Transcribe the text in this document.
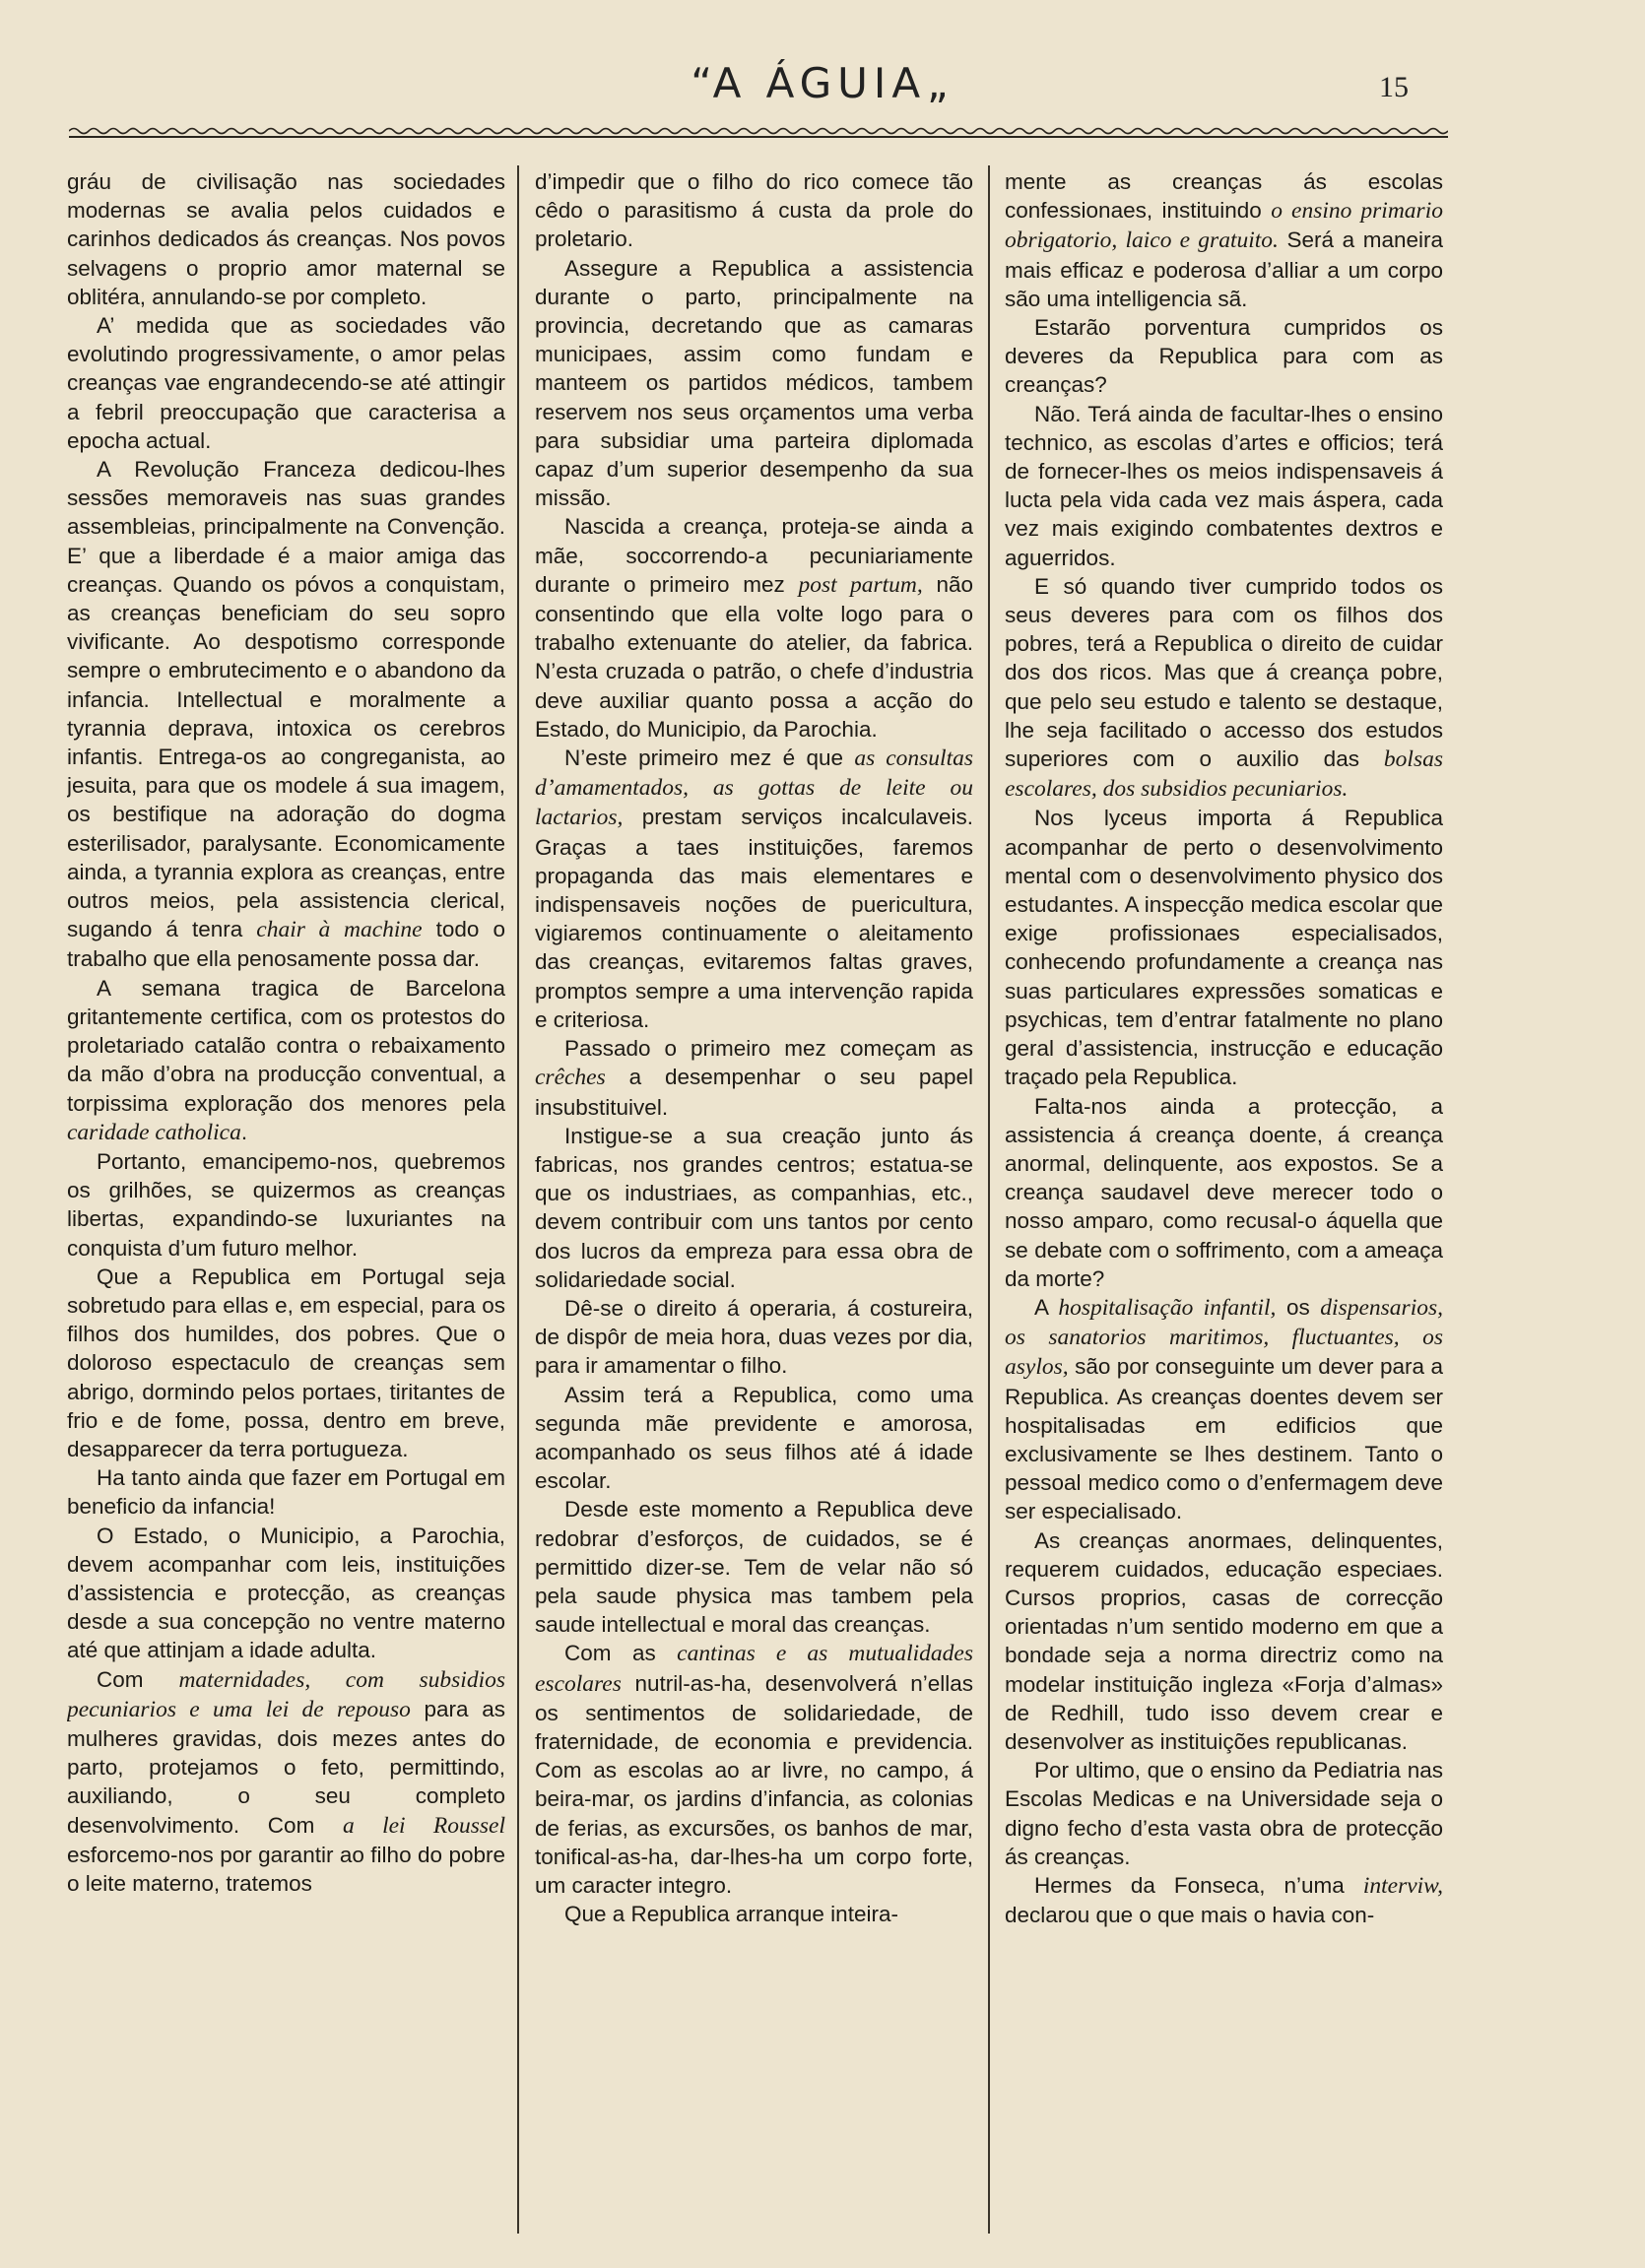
“A ÁGUIA„	15

gráu de civilisação nas sociedades modernas se avalia pelos cuidados e carinhos dedicados ás creanças. Nos povos selvagens o proprio amor maternal se oblitéra, annulando-se por completo.

A’ medida que as sociedades vão evolutindo progressivamente, o amor pelas creanças vae engrandecendo-se até attingir a febril preoccupação que caracterisa a epocha actual.

A Revolução Franceza dedicou-lhes sessões memoraveis nas suas grandes assembleias, principalmente na Convenção. E’ que a liberdade é a maior amiga das creanças. Quando os póvos a conquistam, as creanças beneficiam do seu sopro vivificante. Ao despotismo corresponde sempre o embrutecimento e o abandono da infancia. Intellectual e moralmente a tyrannia deprava, intoxica os cerebros infantis. Entrega-os ao congreganista, ao jesuita, para que os modele á sua imagem, os bestifique na adoração do dogma esterilisador, paralysante. Economicamente ainda, a tyrannia explora as creanças, entre outros meios, pela assistencia clerical, sugando á tenra chair à machine todo o trabalho que ella penosamente possa dar.

A semana tragica de Barcelona gritantemente certifica, com os protestos do proletariado catalão contra o rebaixamento da mão d’obra na producção conventual, a torpissima exploração dos menores pela caridade catholica.

Portanto, emancipemo-nos, quebremos os grilhões, se quizermos as creanças libertas, expandindo-se luxuriantes na conquista d’um futuro melhor.

Que a Republica em Portugal seja sobretudo para ellas e, em especial, para os filhos dos humildes, dos pobres. Que o doloroso espectaculo de creanças sem abrigo, dormindo pelos portaes, tiritantes de frio e de fome, possa, dentro em breve, desapparecer da terra portugueza.

Ha tanto ainda que fazer em Portugal em beneficio da infancia!

O Estado, o Municipio, a Parochia, devem acompanhar com leis, instituições d’assistencia e protecção, as creanças desde a sua concepção no ventre materno até que attinjam a idade adulta.

Com maternidades, com subsidios pecuniarios e uma lei de repouso para as mulheres gravidas, dois mezes antes do parto, protejamos o feto, permittindo, auxiliando, o seu completo desenvolvimento. Com a lei Roussel esforcemo-nos por garantir ao filho do pobre o leite materno, tratemos

d’impedir que o filho do rico comece tão cêdo o parasitismo á custa da prole do proletario.

Assegure a Republica a assistencia durante o parto, principalmente na provincia, decretando que as camaras municipaes, assim como fundam e manteem os partidos médicos, tambem reservem nos seus orçamentos uma verba para subsidiar uma parteira diplomada capaz d’um superior desempenho da sua missão.

Nascida a creança, proteja-se ainda a mãe, soccorrendo-a pecuniariamente durante o primeiro mez post partum, não consentindo que ella volte logo para o trabalho extenuante do atelier, da fabrica. N’esta cruzada o patrão, o chefe d’industria deve auxiliar quanto possa a acção do Estado, do Municipio, da Parochia.

N’este primeiro mez é que as consultas d’amamentados, as gottas de leite ou lactarios, prestam serviços incalculaveis. Graças a taes instituições, faremos propaganda das mais elementares e indispensaveis noções de puericultura, vigiaremos continuamente o aleitamento das creanças, evitaremos faltas graves, promptos sempre a uma intervenção rapida e criteriosa.

Passado o primeiro mez começam as crêches a desempenhar o seu papel insubstituivel.

Instigue-se a sua creação junto ás fabricas, nos grandes centros; estatua-se que os industriaes, as companhias, etc., devem contribuir com uns tantos por cento dos lucros da empreza para essa obra de solidariedade social.

Dê-se o direito á operaria, á costureira, de dispôr de meia hora, duas vezes por dia, para ir amamentar o filho.

Assim terá a Republica, como uma segunda mãe previdente e amorosa, acompanhado os seus filhos até á idade escolar.

Desde este momento a Republica deve redobrar d’esforços, de cuidados, se é permittido dizer-se. Tem de velar não só pela saude physica mas tambem pela saude intellectual e moral das creanças.

Com as cantinas e as mutualidades escolares nutril-as-ha, desenvolverá n’ellas os sentimentos de solidariedade, de fraternidade, de economia e previdencia. Com as escolas ao ar livre, no campo, á beira-mar, os jardins d’infancia, as colonias de ferias, as excursões, os banhos de mar, tonifical-as-ha, dar-lhes-ha um corpo forte, um caracter integro.

Que a Republica arranque inteira-

mente as creanças ás escolas confessionaes, instituindo o ensino primario obrigatorio, laico e gratuito. Será a maneira mais efficaz e poderosa d’alliar a um corpo são uma intelligencia sã.

Estarão porventura cumpridos os deveres da Republica para com as creanças?

Não. Terá ainda de facultar-lhes o ensino technico, as escolas d’artes e officios; terá de fornecer-lhes os meios indispensaveis á lucta pela vida cada vez mais áspera, cada vez mais exigindo combatentes dextros e aguerridos.

E só quando tiver cumprido todos os seus deveres para com os filhos dos pobres, terá a Republica o direito de cuidar dos dos ricos. Mas que á creança pobre, que pelo seu estudo e talento se destaque, lhe seja facilitado o accesso dos estudos superiores com o auxilio das bolsas escolares, dos subsidios pecuniarios.

Nos lyceus importa á Republica acompanhar de perto o desenvolvimento mental com o desenvolvimento physico dos estudantes. A inspecção medica escolar que exige profissionaes especialisados, conhecendo profundamente a creança nas suas particulares expressões somaticas e psychicas, tem d’entrar fatalmente no plano geral d’assistencia, instrucção e educação traçado pela Republica.

Falta-nos ainda a protecção, a assistencia á creança doente, á creança anormal, delinquente, aos expostos. Se a creança saudavel deve merecer todo o nosso amparo, como recusal-o áquella que se debate com o soffrimento, com a ameaça da morte?

A hospitalisação infantil, os dispensarios, os sanatorios maritimos, fluctuantes, os asylos, são por conseguinte um dever para a Republica. As creanças doentes devem ser hospitalisadas em edificios que exclusivamente se lhes destinem. Tanto o pessoal medico como o d’enfermagem deve ser especialisado.

As creanças anormaes, delinquentes, requerem cuidados, educação especiaes. Cursos proprios, casas de correcção orientadas n’um sentido moderno em que a bondade seja a norma directriz como na modelar instituição ingleza «Forja d’almas» de Redhill, tudo isso devem crear e desenvolver as instituições republicanas.

Por ultimo, que o ensino da Pediatria nas Escolas Medicas e na Universidade seja o digno fecho d’esta vasta obra de protecção ás creanças.

Hermes da Fonseca, n’uma interviw, declarou que o que mais o havia con-
